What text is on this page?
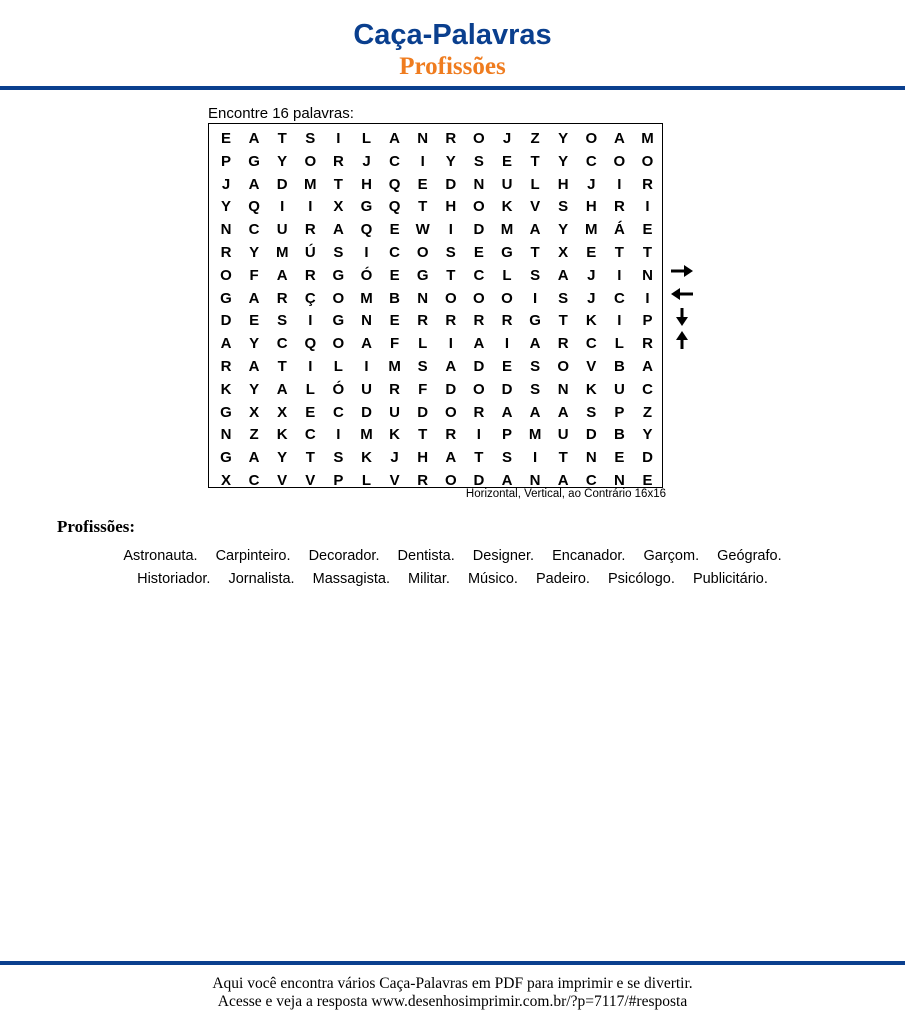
Caça-Palavras
Profissões
Encontre 16 palavras:
E	A	T	S	I	L	A	N	R	O	J	Z	Y	O	A	M
P	G	Y	O	R	J	C	I	Y	S	E	T	Y	C	O	O
J	A	D	M	T	H	Q	E	D	N	U	L	H	J	I	R
Y	Q	I	I	X	G	Q	T	H	O	K	V	S	H	R	I
N	C	U	R	A	Q	E	W	I	D	M	A	Y	M	Á	E
R	Y	M	Ú	S	I	C	O	S	E	G	T	X	E	T	T
O	F	A	R	G	Ó	E	G	T	C	L	S	A	J	I	N
G	A	R	Ç	O	M	B	N	O	O	O	I	S	J	C	I
D	E	S	I	G	N	E	R	R	R	R	G	T	K	I	P
A	Y	C	Q	O	A	F	L	I	A	I	A	R	C	L	R
R	A	T	I	L	I	M	S	A	D	E	S	O	V	B	A
K	Y	A	L	Ó	U	R	F	D	O	D	S	N	K	U	C
G	X	X	E	C	D	U	D	O	R	A	A	A	S	P	Z
N	Z	K	C	I	M	K	T	R	I	P	M	U	D	B	Y
G	A	Y	T	S	K	J	H	A	T	S	I	T	N	E	D
X	C	V	V	P	L	V	R	O	D	A	N	A	C	N	E
Horizontal, Vertical, ao Contrário 16x16
Profissões:
Astronauta. Carpinteiro. Decorador. Dentista. Designer. Encanador. Garçom. Geógrafo.
Historiador. Jornalista. Massagista. Militar. Músico. Padeiro. Psicólogo. Publicitário.
Aqui você encontra vários Caça-Palavras em PDF para imprimir e se divertir.
Acesse e veja a resposta www.desenhosimprimir.com.br/?p=7117/#resposta
